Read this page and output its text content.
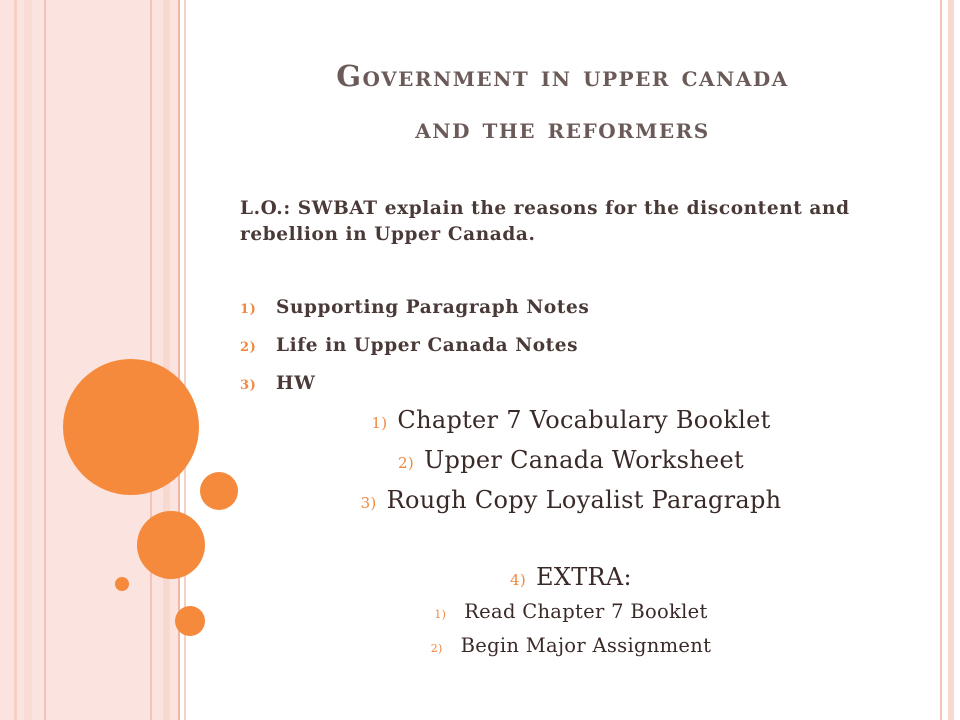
Government in upper canada
and the reformers

L.O.: SWBAT explain the reasons for the discontent and rebellion in Upper Canada.

1) Supporting Paragraph Notes
2) Life in Upper Canada Notes
3) HW
1) Chapter 7 Vocabulary Booklet
2) Upper Canada Worksheet
3) Rough Copy Loyalist Paragraph
4) EXTRA:
1) Read Chapter 7 Booklet
2) Begin Major Assignment
